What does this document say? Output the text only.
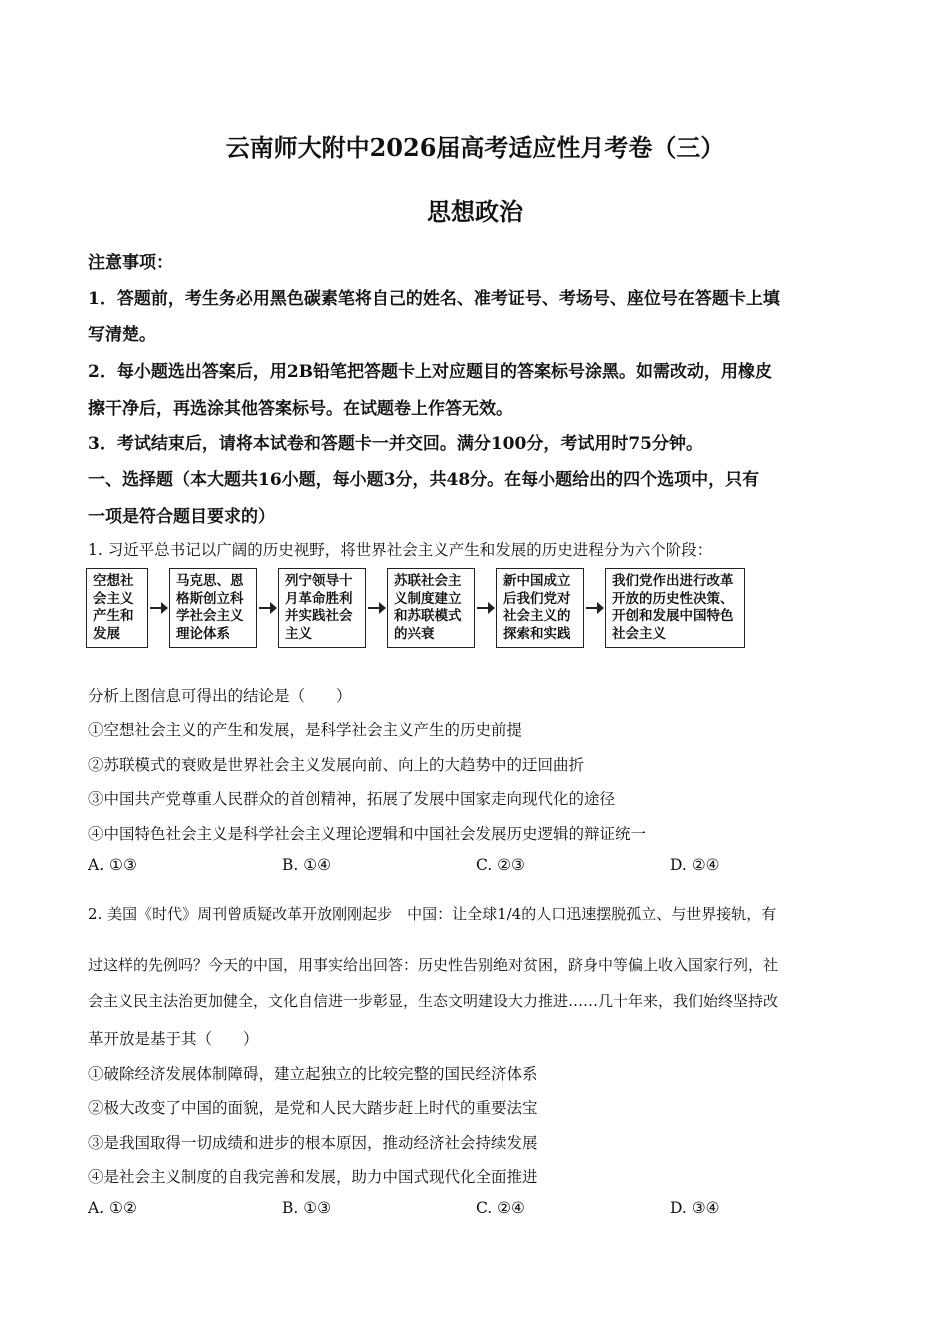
云南师大附中2026届高考适应性月考卷（三）
思想政治
注意事项：
1．答题前，考生务必用黑色碳素笔将自己的姓名、准考证号、考场号、座位号在答题卡上填
写清楚。
2．每小题选出答案后，用2B铅笔把答题卡上对应题目的答案标号涂黑。如需改动，用橡皮
擦干净后，再选涂其他答案标号。在试题卷上作答无效。
3．考试结束后，请将本试卷和答题卡一并交回。满分100分，考试用时75分钟。
一、选择题（本大题共16小题，每小题3分，共48分。在每小题给出的四个选项中，只有
一项是符合题目要求的）
1. 习近平总书记以广阔的历史视野，将世界社会主义产生和发展的历史进程分为六个阶段：
空想社会主义产生和发展
马克思、恩格斯创立科学社会主义理论体系
列宁领导十月革命胜利并实践社会主义
苏联社会主义制度建立和苏联模式的兴衰
新中国成立后我们党对社会主义的探索和实践
我们党作出进行改革开放的历史性决策、开创和发展中国特色社会主义
分析上图信息可得出的结论是（　　）
①空想社会主义的产生和发展，是科学社会主义产生的历史前提
②苏联模式的衰败是世界社会主义发展向前、向上的大趋势中的迂回曲折
③中国共产党尊重人民群众的首创精神，拓展了发展中国家走向现代化的途径
④中国特色社会主义是科学社会主义理论逻辑和中国社会发展历史逻辑的辩证统一
A. ①③	B. ①④	C. ②③	D. ②④
2. 美国《时代》周刊曾质疑改革开放刚刚起步　中国：让全球1/4的人口迅速摆脱孤立、与世界接轨，有
过这样的先例吗？今天的中国，用事实给出回答：历史性告别绝对贫困，跻身中等偏上收入国家行列，社
会主义民主法治更加健全，文化自信进一步彰显，生态文明建设大力推进……几十年来，我们始终坚持改
革开放是基于其（　　）
①破除经济发展体制障碍，建立起独立的比较完整的国民经济体系
②极大改变了中国的面貌，是党和人民大踏步赶上时代的重要法宝
③是我国取得一切成绩和进步的根本原因，推动经济社会持续发展
④是社会主义制度的自我完善和发展，助力中国式现代化全面推进
A. ①②	B. ①③	C. ②④	D. ③④
